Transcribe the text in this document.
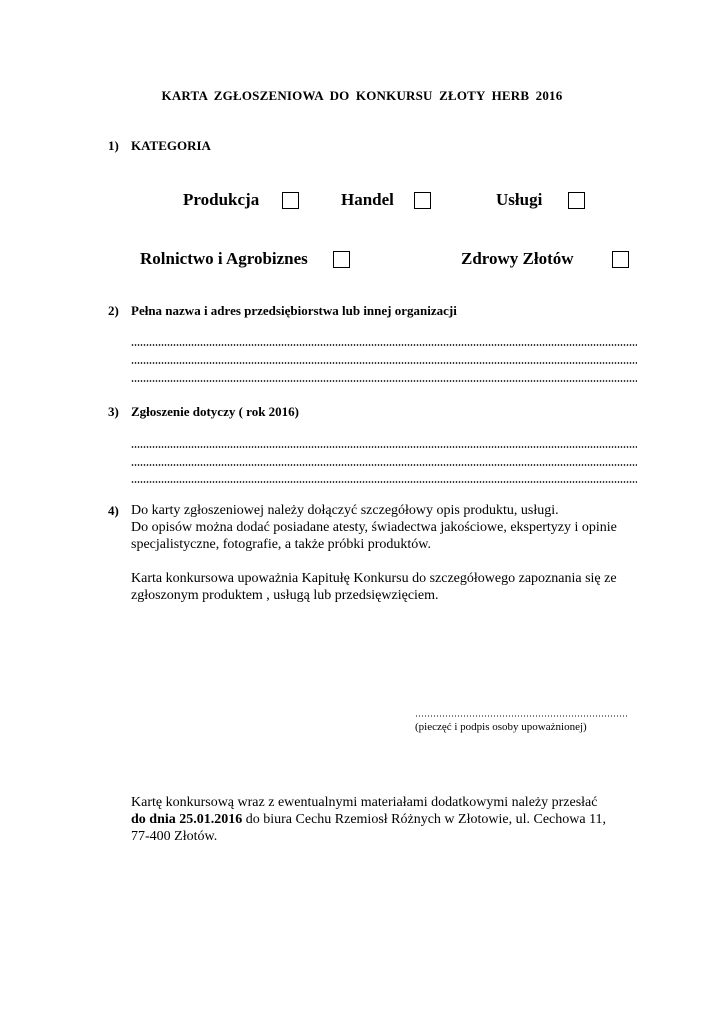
KARTA ZGŁOSZENIOWA DO KONKURSU ZŁOTY HERB 2016
1) KATEGORIA
Produkcja	Handel	Usługi
Rolnictwo i Agrobiznes	Zdrowy Złotów
2) Pełna nazwa i adres przedsiębiorstwa lub innej organizacji
3) Zgłoszenie dotyczy ( rok 2016)
4) Do karty zgłoszeniowej należy dołączyć szczegółowy opis produktu, usługi.
Do opisów można dodać posiadane atesty, świadectwa jakościowe, ekspertyzy i opinie
specjalistyczne, fotografie, a także próbki produktów.
Karta konkursowa upoważnia Kapitułę Konkursu do szczegółowego zapoznania się ze
zgłoszonym produktem , usługą lub przedsięwzięciem.
(pieczęć i podpis osoby upoważnionej)
Kartę konkursową wraz z ewentualnymi materiałami dodatkowymi należy przesłać
do dnia 25.01.2016 do biura Cechu Rzemiosł Różnych w Złotowie, ul. Cechowa 11,
77-400 Złotów.
